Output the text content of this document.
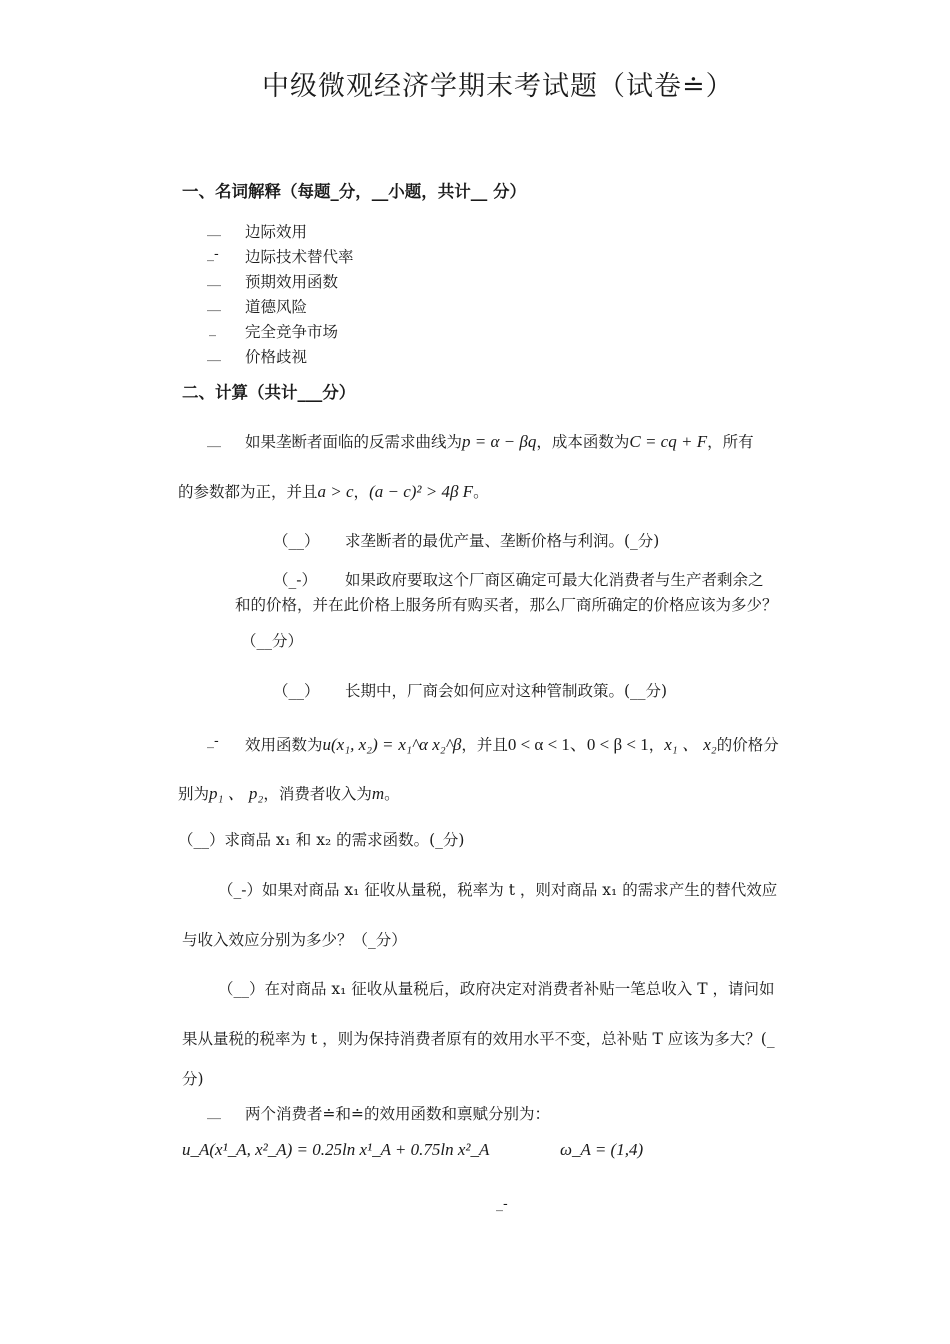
中级微观经济学期末考试题（试卷≐）
一、名词解释（每题_分，__小题，共计__ 分）
__ 边际效用
_- 边际技术替代率
__ 预期效用函数
__ 道德风险
_ 完全竞争市场
__ 价格歧视
二、计算（共计___分）
__ 如果垄断者面临的反需求曲线为p = α − βq，成本函数为C = cq + F，所有
的参数都为正，并且a > c，(a − c)² > 4β F。
（__） 求垄断者的最优产量、垄断价格与利润。(_分)
（_-） 如果政府要取这个厂商区确定可最大化消费者与生产者剩余之
和的价格，并在此价格上服务所有购买者，那么厂商所确定的价格应该为多少？
（__分）
（__） 长期中，厂商会如何应对这种管制政策。(__分)
_- 效用函数为u(x₁, x₂) = x₁^α x₂^β，并且0 < α < 1、0 < β < 1，x₁ 、 x₂的价格分
别为p₁ 、 p₂，消费者收入为m。
（__）求商品 x₁ 和 x₂ 的需求函数。(_分)
（_-）如果对商品 x₁ 征收从量税，税率为 t ，则对商品 x₁ 的需求产生的替代效应
与收入效应分别为多少？（_分）
（__）在对商品 x₁ 征收从量税后，政府决定对消费者补贴一笔总收入 T ，请问如
果从量税的税率为 t ，则为保持消费者原有的效用水平不变，总补贴 T 应该为多大？(_
分)
__ 两个消费者≐和≐的效用函数和禀赋分别为：
u_A(x¹_A, x²_A) = 0.25ln x¹_A + 0.75ln x²_A	ω_A = (1,4)
_-
